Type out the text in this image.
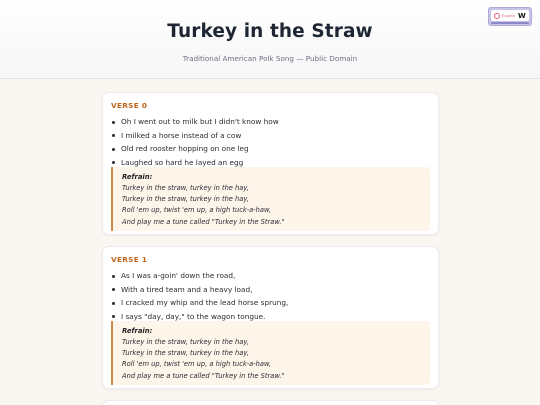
Turkey in the Straw
Traditional American Polk Song — Public Domain
English W
VERSE 0
Oh I went out to milk but I didn't know how
I milked a horse instead of a cow
Old red rooster hopping on one leg
Laughed so hard he layed an egg
Refrain:
Turkey in the straw, turkey in the hay,
Turkey in the straw, turkey in the hay,
Roll 'em up, twist 'em up, a high tuck-a-haw,
And play me a tune called "Turkey in the Straw."
VERSE 1
As I was a-goin' down the road,
With a tired team and a heavy load,
I cracked my whip and the lead horse sprung,
I says "day, day," to the wagon tongue.
Refrain:
Turkey in the straw, turkey in the hay,
Turkey in the straw, turkey in the hay,
Roll 'em up, twist 'em up, a high tuck-a-haw,
And play me a tune called "Turkey in the Straw."
